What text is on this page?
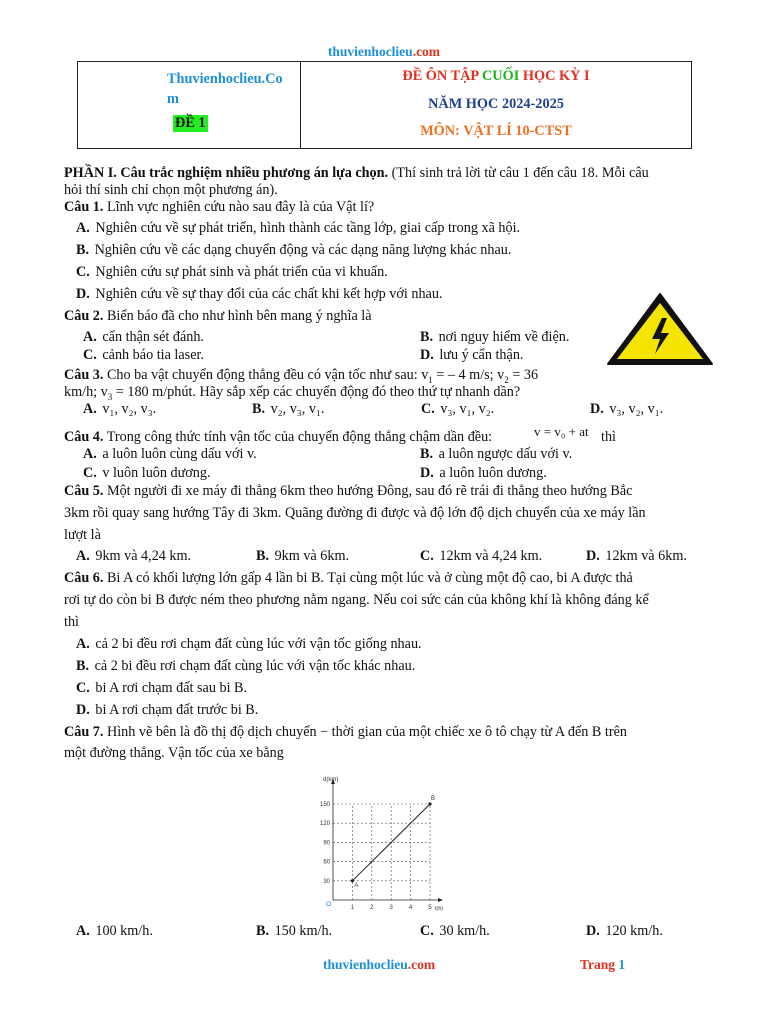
thuvienhoclieu.com
Thuvienhoclieu.Co
m
ĐỀ 1
ĐỀ ÔN TẬP CUỐI HỌC KỲ I
NĂM HỌC 2024-2025
MÔN: VẬT LÍ 10-CTST
PHẦN I. Câu trắc nghiệm nhiều phương án lựa chọn. (Thí sinh trả lời từ câu 1 đến câu 18. Mỗi câu
hỏi thí sinh chỉ chọn một phương án).
Câu 1. Lĩnh vực nghiên cứu nào sau đây là của Vật lí?
A. Nghiên cứu về sự phát triển, hình thành các tầng lớp, giai cấp trong xã hội.
B. Nghiên cứu về các dạng chuyển động và các dạng năng lượng khác nhau.
C. Nghiên cứu sự phát sinh và phát triển của vi khuẩn.
D. Nghiên cứu về sự thay đổi của các chất khi kết hợp với nhau.
Câu 2. Biển báo đã cho như hình bên mang ý nghĩa là
A. cẩn thận sét đánh.	B. nơi nguy hiểm về điện.
C. cảnh báo tia laser.	D. lưu ý cẩn thận.
Câu 3. Cho ba vật chuyển động thẳng đều có vận tốc như sau: $v_1$ = – 4 m/s; $v_2 = 36$
km/h; $v_3 = 180$ m/phút. Hãy sắp xếp các chuyển động đó theo thứ tự nhanh dần?
A. v₁, v₂, v₃.	B. v₂, v₃, v₁.	C. v₃, v₁, v₂.	D. v₃, v₂, v₁.
Câu 4. Trong công thức tính vận tốc của chuyển động thẳng chậm dần đều:	v = v₀ + at thì
A. a luôn luôn cùng dấu với v.	B. a luôn ngược dấu với v.
C. v luôn luôn dương.	D. a luôn luôn dương.
Câu 5. Một người đi xe máy đi thẳng 6km theo hướng Đông, sau đó rẽ trái đi thẳng theo hướng Bắc
3km rồi quay sang hướng Tây đi 3km. Quãng đường đi được và độ lớn độ dịch chuyển của xe máy lần
lượt là
A. 9km và 4,24 km.	B. 9km và 6km.	C. 12km và 4,24 km.	D. 12km và 6km.
Câu 6. Bi A có khối lượng lớn gấp 4 lần bi B. Tại cùng một lúc và ở cùng một độ cao, bi A được thả
rơi tự do còn bi B được ném theo phương nằm ngang. Nếu coi sức cản của không khí là không đáng kể
thì
A. cả 2 bi đều rơi chạm đất cùng lúc với vận tốc giống nhau.
B. cả 2 bi đều rơi chạm đất cùng lúc với vận tốc khác nhau.
C. bi A rơi chạm đất sau bi B.
D. bi A rơi chạm đất trước bi B.
Câu 7. Hình vẽ bên là đồ thị độ dịch chuyển − thời gian của một chiếc xe ô tô chạy từ A đến B trên
một đường thẳng. Vận tốc của xe bằng
1	2	3	4	5
30
60
90
120
150
d(km)
t(h)
O
A
B
A. 100 km/h.	B. 150 km/h.	C. 30 km/h.	D. 120 km/h.
thuvienhoclieu.com	Trang 1
